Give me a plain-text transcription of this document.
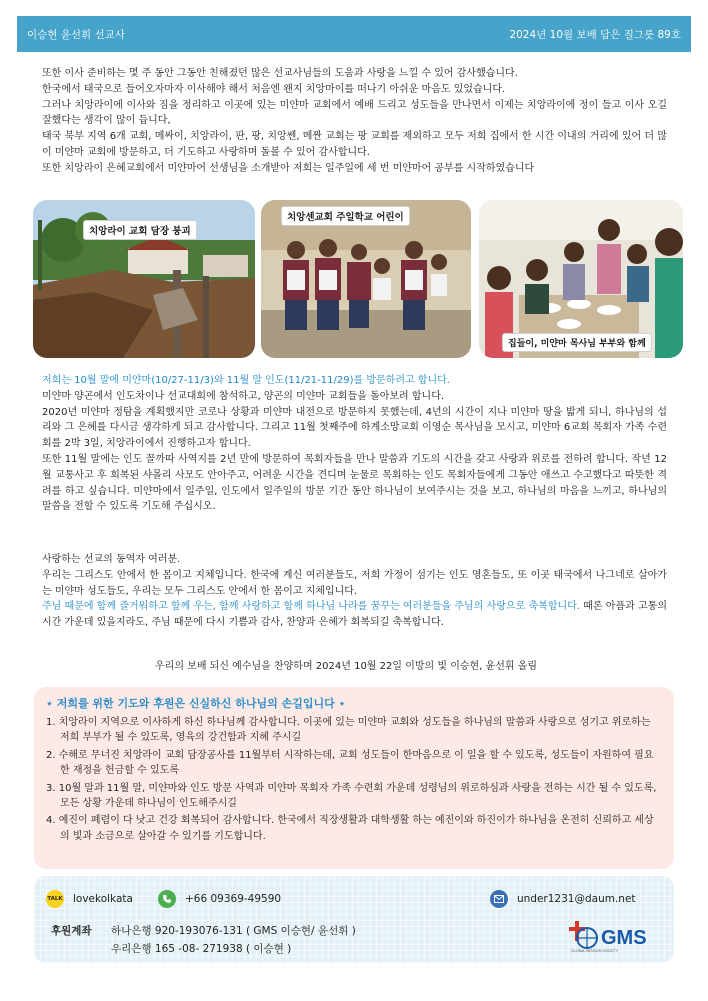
이승현 윤선휘 선교사	2024년 10월 보배 담은 질그릇 89호

또한 이사 준비하는 몇 주 동안 그동안 친해졌던 많은 선교사님들의 도움과 사랑을 느낄 수 있어 감사했습니다.

한국에서 태국으로 들어오자마자 이사해야 해서 처음엔 왠지 치앙마이를 떠나기 아쉬운 마음도 있었습니다.

그러나 치앙라이에 이사와 짐을 정리하고 이곳에 있는 미얀마 교회에서 예배 드리고 성도들을 만나면서 이제는 치앙라이에 정이 들고 이사 오길 잘했다는 생각이 많이 듭니다,

태국 북부 지역 6개 교회, 메싸이, 치앙라이, 판, 팡, 치앙쎈, 메짠 교회는 팡 교회를 제외하고 모두 저희 집에서 한 시간 이내의 거리에 있어 더 많이 미얀마 교회에 방문하고, 더 기도하고 사랑하며 돌볼 수 있어 감사합니다.

또한 치앙라이 은혜교회에서 미얀마어 선생님을 소개받아 저희는 일주일에 세 번 미얀마어 공부를 시작하였습니다

치앙라이 교회 담장 붕괴
치앙센교회 주일학교 어린이
집들이, 미얀마 목사님 부부와 함께

저희는 10월 말에 미얀마(10/27-11/3)와 11월 말 인도(11/21-11/29)를 방문하려고 합니다.

미얀마 양곤에서 인도차이나 선교대회에 참석하고, 양곤의 미얀마 교회들을 돌아보려 합니다.

2020년 미얀마 정탐을 계획했지만 코로나 상황과 미얀마 내전으로 방문하지 못했는데, 4년의 시간이 지나 미얀마 땅을 밟게 되니, 하나님의 섭리와 그 은혜를 다시금 생각하게 되고 감사합니다. 그리고 11월 첫째주에 하계소망교회 이영순 목사님을 모시고, 미얀마 6교회 목회자 가족 수련회를 2박 3일, 치앙라이에서 진행하고자 합니다.

또한 11월 말에는 인도 꼴까따 사역지를 2년 만에 방문하여 목회자들을 만나 말씀과 기도의 시간을 갖고 사랑과 위로를 전하려 합니다. 작년 12월 교통사고 후 회복된 샤몰리 사모도 안아주고, 어려운 시간을 견디며 눈물로 목회하는 인도 목회자들에게 그동안 애쓰고 수고했다고 따뜻한 격려를 하고 싶습니다. 미얀마에서 일주일, 인도에서 일주일의 방문 기간 동안 하나님이 보여주시는 것을 보고, 하나님의 마음을 느끼고, 하나님의 말씀을 전할 수 있도록 기도해 주십시오.

사랑하는 선교의 동역자 여러분.

우리는 그리스도 안에서 한 몸이고 지체입니다. 한국에 계신 여러분들도, 저희 가정이 섬기는 인도 영혼들도, 또 이곳 태국에서 나그네로 살아가는 미얀마 성도들도, 우리는 모두 그리스도 안에서 한 몸이고 지체입니다.

주님 때문에 함께 즐거워하고 함께 우는, 함께 사랑하고 함께 하나님 나라를 꿈꾸는 여러분들을 주님의 사랑으로 축복합니다. 때론 아픔과 고통의 시간 가운데 있을지라도, 주님 때문에 다시 기쁨과 감사, 찬양과 은혜가 회복되길 축복합니다.

우리의 보배 되신 예수님을 찬양하며 2024년 10월 22일 이방의 빛 이승현, 윤선휘 올림
⋆ 저희를 위한 기도와 후원은 신실하신 하나님의 손길입니다 ⋆
1. 치앙라이 지역으로 이사하게 하신 하나님께 감사합니다. 이곳에 있는 미얀마 교회와 성도들을 하나님의 말씀과 사랑으로 섬기고 위로하는 저희 부부가 될 수 있도록, 영육의 강건함과 지혜 주시길
2. 수해로 무너진 치앙라이 교회 담장공사를 11월부터 시작하는데, 교회 성도들이 한마음으로 이 일을 할 수 있도록, 성도들이 자원하여 필요한 재정을 헌금할 수 있도록
3. 10월 말과 11월 말, 미얀마와 인도 방문 사역과 미얀마 목회자 가족 수련회 가운데 성령님의 위로하심과 사랑을 전하는 시간 될 수 있도록, 모든 상황 가운데 하나님이 인도해주시길
4. 예진이 폐렴이 다 낫고 건강 회복되어 감사합니다. 한국에서 직장생활과 대학생활 하는 예진이와 하진이가 하나님을 온전히 신뢰하고 세상의 빛과 소금으로 살아갈 수 있기를 기도합니다.
TALK lovekolkata	+66 09369-49590	under1231@daum.net
후원계좌 하나은행 920-193076-131 ( GMS 이승현/ 윤선휘 )
우리은행 165 -08- 271938 ( 이승현 )	GMS
GLOBAL MISSION SOCIETY
